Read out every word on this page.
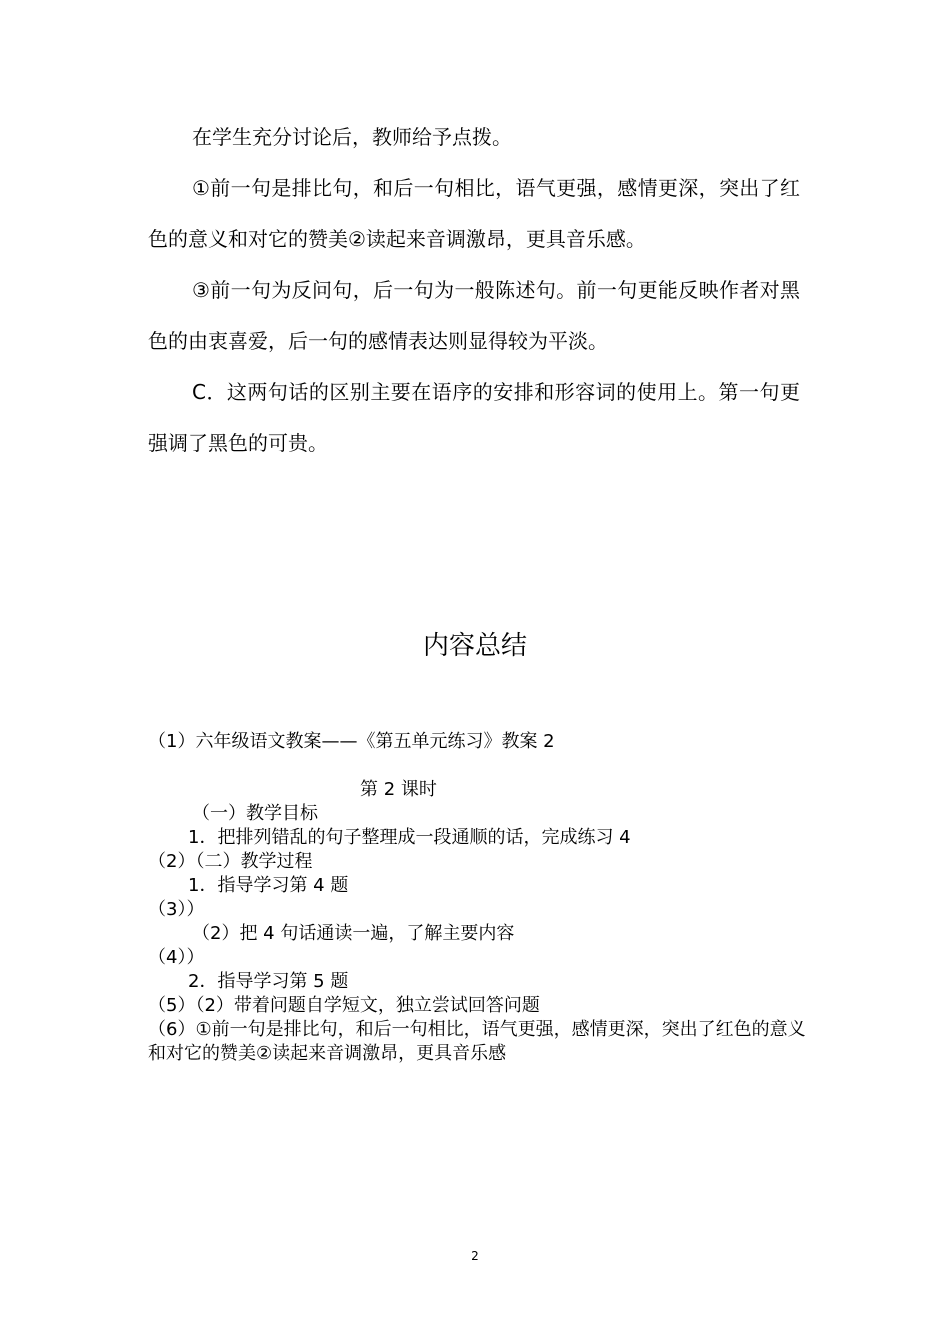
在学生充分讨论后，教师给予点拨。

①前一句是排比句，和后一句相比，语气更强，感情更深，突出了红色的意义和对它的赞美②读起来音调激昂，更具音乐感。

③前一句为反问句，后一句为一般陈述句。前一句更能反映作者对黑色的由衷喜爱，后一句的感情表达则显得较为平淡。

C．这两句话的区别主要在语序的安排和形容词的使用上。第一句更强调了黑色的可贵。

内容总结

（1）六年级语文教案——《第五单元练习》教案 2

第 2 课时

（一）教学目标

1．把排列错乱的句子整理成一段通顺的话，完成练习 4

（2）（二）教学过程

1．指导学习第 4 题

（3））

（2）把 4 句话通读一遍，了解主要内容

（4））

2．指导学习第 5 题

（5）（2）带着问题自学短文，独立尝试回答问题

（6）①前一句是排比句，和后一句相比，语气更强，感情更深，突出了红色的意义和对它的赞美②读起来音调激昂，更具音乐感

2
